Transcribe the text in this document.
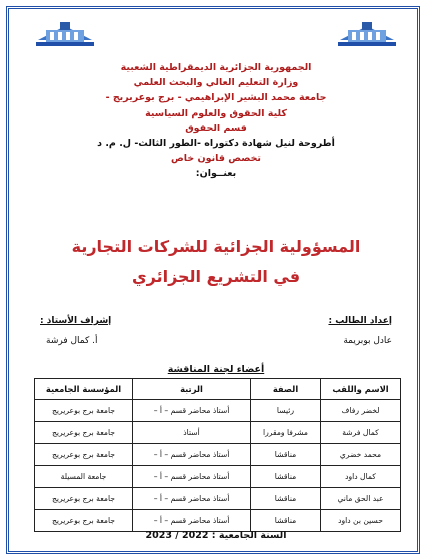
الجمهورية الجزائرية الديمقراطية الشعبية
وزارة التعليم العالي والبحث العلمي
جامعة محمد البشير الإبراهيمي - برج بوعريريج -
كلية الحقوق والعلوم السياسية
قسم الحقوق
أطروحة لنيل شهادة دكتوراه -الطور الثالث- ل. م. د
تخصص قانون خاص
بعنــوان:
المسؤولية الجزائية للشركات التجارية
في التشريع الجزائري
إعداد الطالب :
عادل بوبريمة
إشراف الأستاذ :
أ. كمال فرشة
أعضاء لجنة المناقشة
الاسم واللقب	الصفة	الرتبة	المؤسسة الجامعية
لخضر رفاف	رئيسا	أستاذ محاضر قسم – أ –	جامعة برج بوعريريج
كمال فرشة	مشرفا ومقررا	أستاذ	جامعة برج بوعريريج
محمد خضري	مناقشا	أستاذ محاضر قسم – أ –	جامعة برج بوعريريج
كمال داود	مناقشا	أستاذ محاضر قسم – أ –	جامعة المسيلة
عبد الحق ماني	مناقشا	أستاذ محاضر قسم – أ –	جامعة برج بوعريريج
حسين بن داود	مناقشا	أستاذ محاضر قسم – أ –	جامعة برج بوعريريج
السنة الجامعية : 2022 / 2023
